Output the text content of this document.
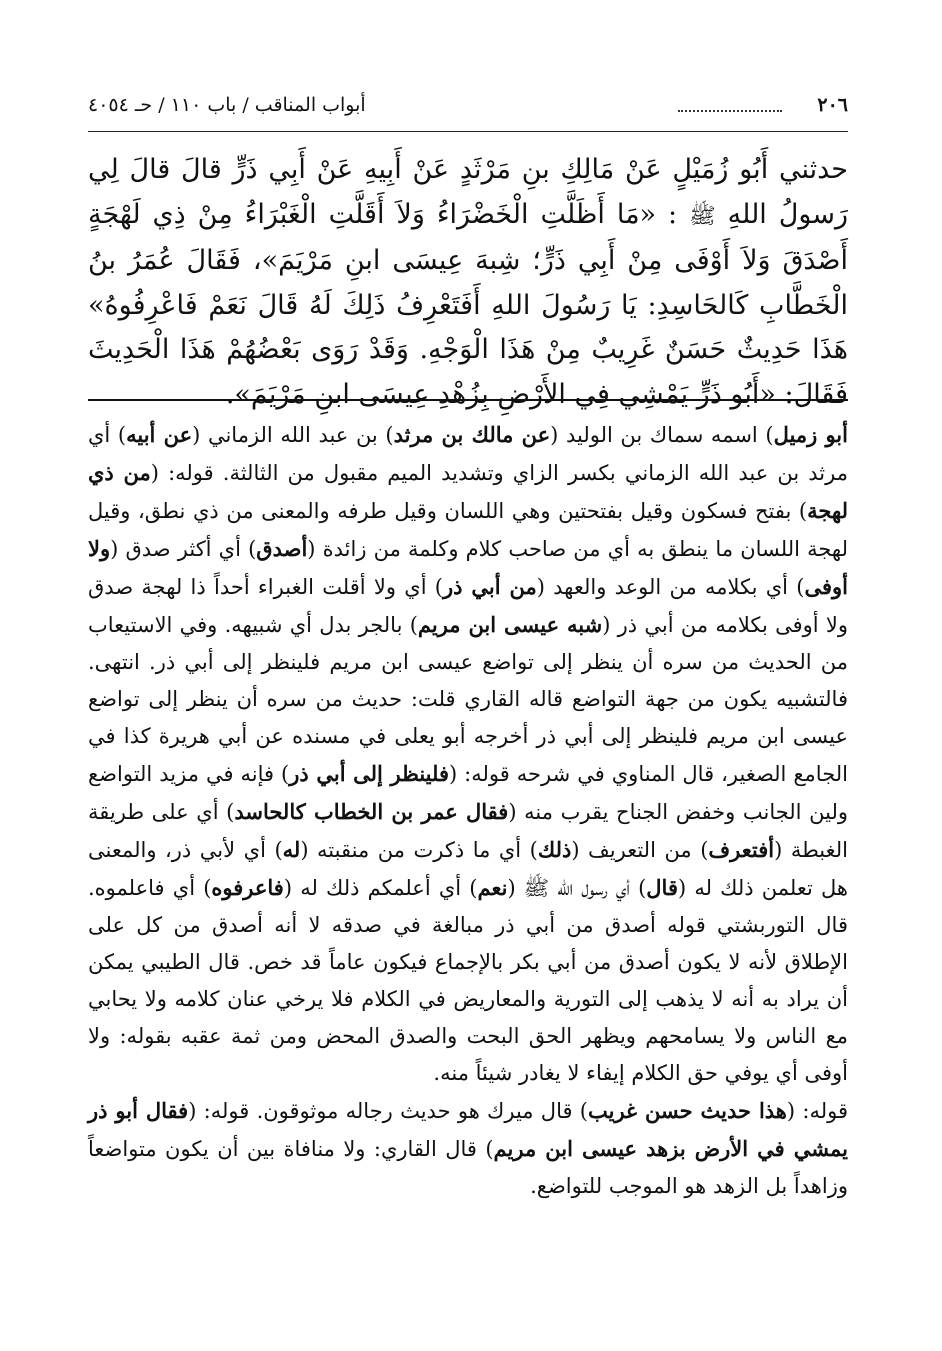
٢٠٦
أبواب المناقب / باب ١١٠ / حـ ٤٠٥٤

حدثني أَبُو زُمَيْلٍ عَنْ مَالِكِ بنِ مَرْثَدٍ عَنْ أَبِيهِ عَنْ أَبِي ذَرٍّ قالَ قالَ لِي رَسولُ اللهِ ﷺ : «مَا أَظَلَّتِ الْخَضْرَاءُ وَلاَ أَقَلَّتِ الْغَبْرَاءُ مِنْ ذِي لَهْجَةٍ أَصْدَقَ وَلاَ أَوْفَى مِنْ أَبِي ذَرٍّ؛ شِبهَ عِيسَى ابنِ مَرْيَمَ»، فَقَالَ عُمَرُ بنُ الْخَطَّابِ كَالحَاسِدِ: يَا رَسُولَ اللهِ أَفَتَعْرِفُ ذَلِكَ لَهُ قَالَ نَعَمْ فَاعْرِفُوهُ» هَذَا حَدِيثٌ حَسَنٌ غَرِيبٌ مِنْ هَذَا الْوَجْهِ. وَقَدْ رَوَى بَعْضُهُمْ هَذَا الْحَدِيثَ فَقَالَ: «أَبُو ذَرٍّ يَمْشِي فِي الأَرْضِ بِزُهْدِ عِيسَى ابنِ مَرْيَمَ».

أبو زميل) اسمه سماك بن الوليد (عن مالك بن مرثد) بن عبد الله الزماني (عن أبيه) أي مرثد بن عبد الله الزماني بكسر الزاي وتشديد الميم مقبول من الثالثة. قوله: (من ذي لهجة) بفتح فسكون وقيل بفتحتين وهي اللسان وقيل طرفه والمعنى من ذي نطق، وقيل لهجة اللسان ما ينطق به أي من صاحب كلام وكلمة من زائدة (أصدق) أي أكثر صدق (ولا أوفى) أي بكلامه من الوعد والعهد (من أبي ذر) أي ولا أقلت الغبراء أحداً ذا لهجة صدق ولا أوفى بكلامه من أبي ذر (شبه عيسى ابن مريم) بالجر بدل أي شبيهه. وفي الاستيعاب من الحديث من سره أن ينظر إلى تواضع عيسى ابن مريم فلينظر إلى أبي ذر. انتهى. فالتشبيه يكون من جهة التواضع قاله القاري قلت: حديث من سره أن ينظر إلى تواضع عيسى ابن مريم فلينظر إلى أبي ذر أخرجه أبو يعلى في مسنده عن أبي هريرة كذا في الجامع الصغير، قال المناوي في شرحه قوله: (فلينظر إلى أبي ذر) فإنه في مزيد التواضع ولين الجانب وخفض الجناح يقرب منه (فقال عمر بن الخطاب كالحاسد) أي على طريقة الغبطة (أفتعرف) من التعريف (ذلك) أي ما ذكرت من منقبته (له) أي لأبي ذر، والمعنى هل تعلمن ذلك له (قال) أي رسول الله ﷺ (نعم) أي أعلمكم ذلك له (فاعرفوه) أي فاعلموه. قال التوربشتي قوله أصدق من أبي ذر مبالغة في صدقه لا أنه أصدق من كل على الإطلاق لأنه لا يكون أصدق من أبي بكر بالإجماع فيكون عاماً قد خص. قال الطيبي يمكن أن يراد به أنه لا يذهب إلى التورية والمعاريض في الكلام فلا يرخي عنان كلامه ولا يحابي مع الناس ولا يسامحهم ويظهر الحق البحت والصدق المحض ومن ثمة عقبه بقوله: ولا أوفى أي يوفي حق الكلام إيفاء لا يغادر شيئاً منه.

قوله: (هذا حديث حسن غريب) قال ميرك هو حديث رجاله موثوقون. قوله: (فقال أبو ذر يمشي في الأرض بزهد عيسى ابن مريم) قال القاري: ولا منافاة بين أن يكون متواضعاً وزاهداً بل الزهد هو الموجب للتواضع.
